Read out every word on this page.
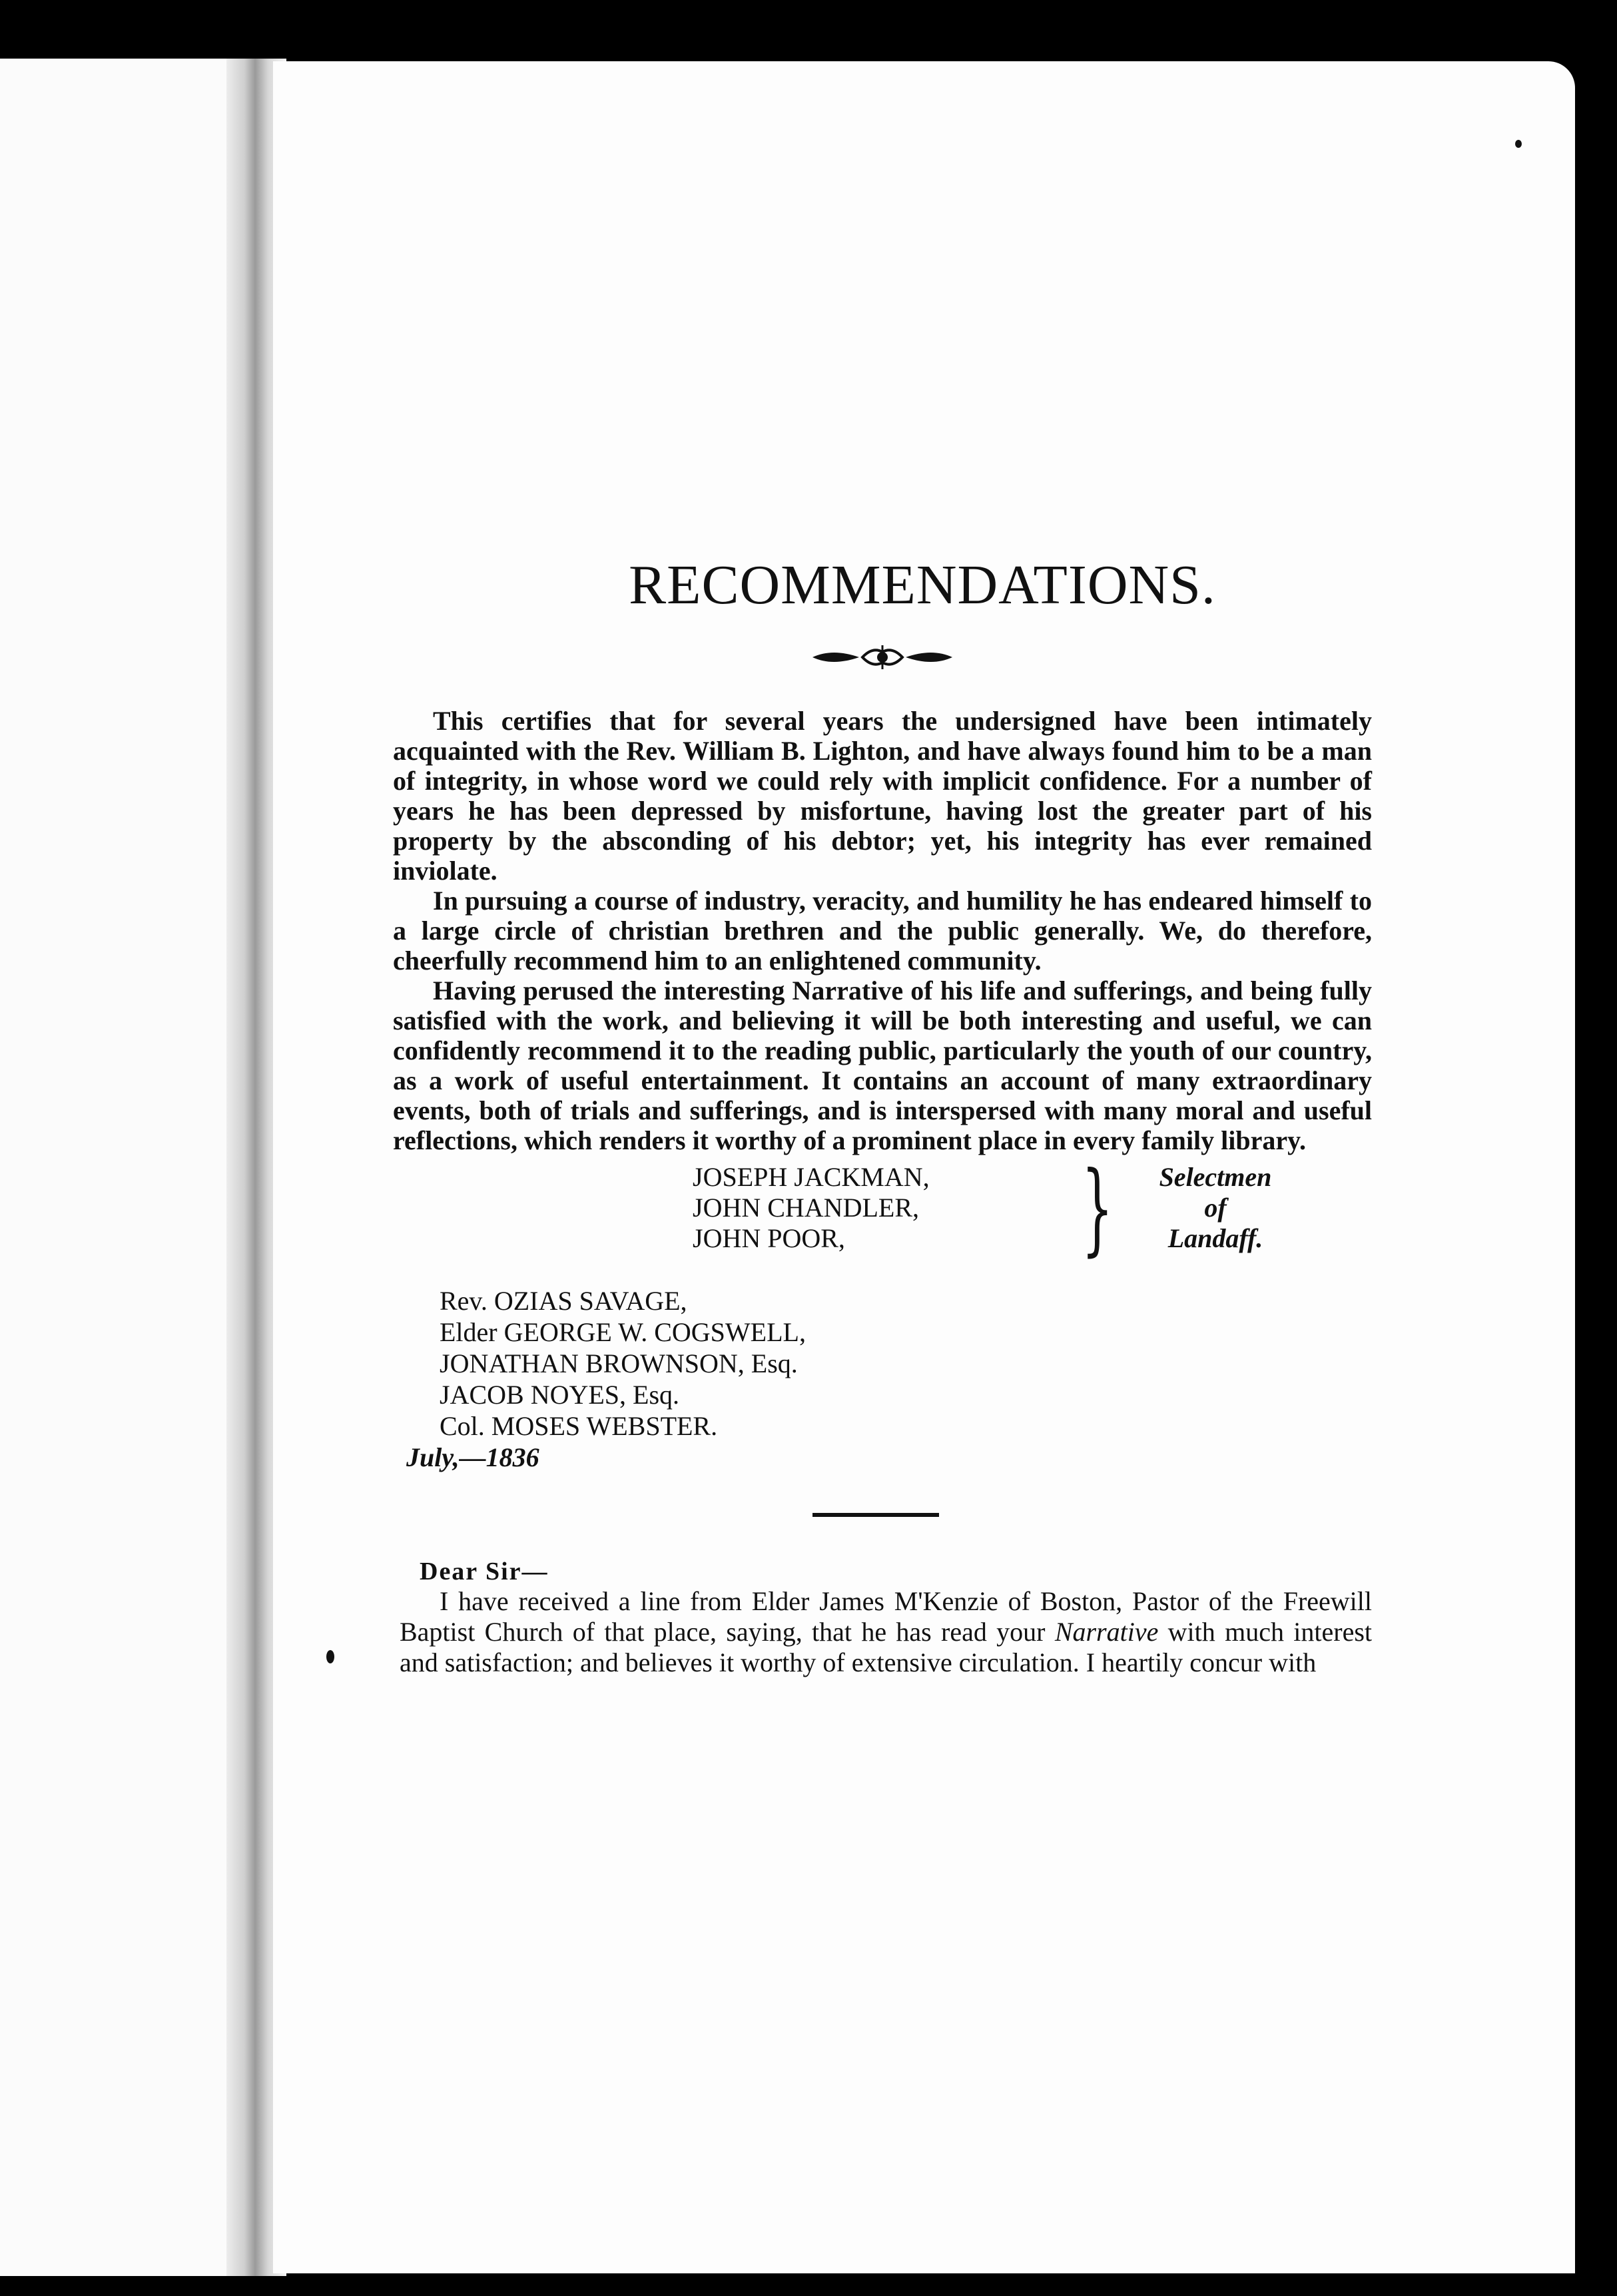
RECOMMENDATIONS.

This certifies that for several years the undersigned have been intimately acquainted with the Rev. William B. Lighton, and have always found him to be a man of integrity, in whose word we could rely with implicit confidence. For a number of years he has been depressed by misfortune, having lost the greater part of his property by the absconding of his debtor; yet, his integrity has ever remained inviolate.

In pursuing a course of industry, veracity, and humility he has endeared himself to a large circle of christian brethren and the public generally. We, do therefore, cheerfully recommend him to an enlightened community.

Having perused the interesting Narrative of his life and sufferings, and being fully satisfied with the work, and believing it will be both interesting and useful, we can confidently recommend it to the reading public, particularly the youth of our country, as a work of useful entertainment. It contains an account of many extraordinary events, both of trials and sufferings, and is interspersed with many moral and useful reflections, which renders it worthy of a prominent place in every family library.

JOSEPH JACKMAN,
JOHN CHANDLER,
JOHN POOR,	}	Selectmen
of
Landaff.
Rev. OZIAS SAVAGE,
Elder GEORGE W. COGSWELL,
JONATHAN BROWNSON, Esq.
JACOB NOYES, Esq.
Col. MOSES WEBSTER.
July,—1836
Dear Sir—

I have received a line from Elder James M'Kenzie of Boston, Pastor of the Freewill Baptist Church of that place, saying, that he has read your Narrative with much interest and satisfaction; and believes it worthy of extensive circulation. I heartily concur with
